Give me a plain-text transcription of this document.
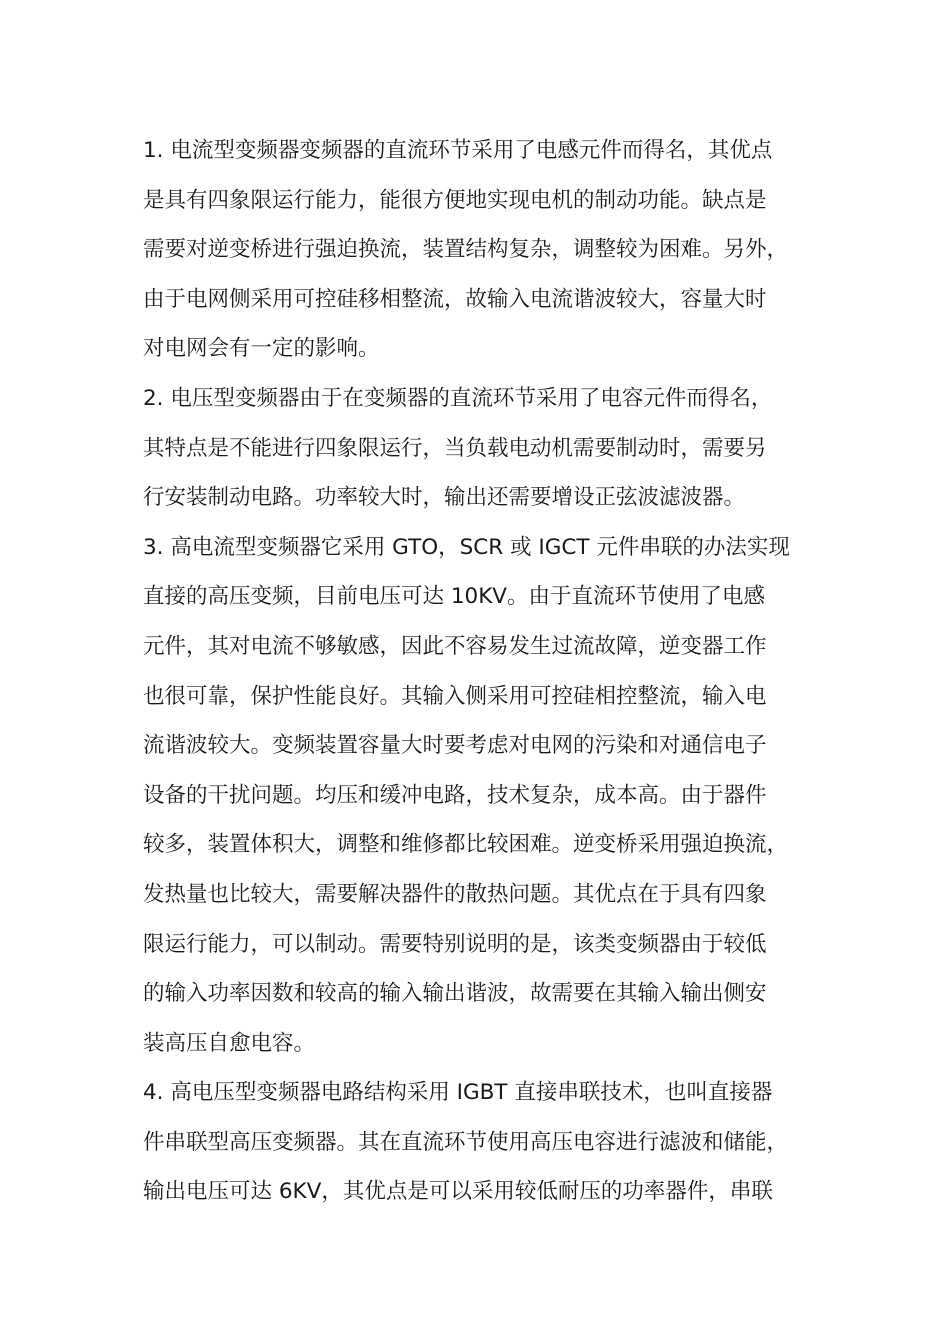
1. 电流型变频器变频器的直流环节采用了电感元件而得名，其优点
是具有四象限运行能力，能很方便地实现电机的制动功能。缺点是
需要对逆变桥进行强迫换流，装置结构复杂，调整较为困难。另外，
由于电网侧采用可控硅移相整流，故输入电流谐波较大，容量大时
对电网会有一定的影响。
2. 电压型变频器由于在变频器的直流环节采用了电容元件而得名，
其特点是不能进行四象限运行，当负载电动机需要制动时，需要另
行安装制动电路。功率较大时，输出还需要增设正弦波滤波器。
3. 高电流型变频器它采用 GTO，SCR 或 IGCT 元件串联的办法实现
直接的高压变频，目前电压可达 10KV。由于直流环节使用了电感
元件，其对电流不够敏感，因此不容易发生过流故障，逆变器工作
也很可靠，保护性能良好。其输入侧采用可控硅相控整流，输入电
流谐波较大。变频装置容量大时要考虑对电网的污染和对通信电子
设备的干扰问题。均压和缓冲电路，技术复杂，成本高。由于器件
较多，装置体积大，调整和维修都比较困难。逆变桥采用强迫换流，
发热量也比较大，需要解决器件的散热问题。其优点在于具有四象
限运行能力，可以制动。需要特别说明的是，该类变频器由于较低
的输入功率因数和较高的输入输出谐波，故需要在其输入输出侧安
装高压自愈电容。
4. 高电压型变频器电路结构采用 IGBT 直接串联技术，也叫直接器
件串联型高压变频器。其在直流环节使用高压电容进行滤波和储能，
输出电压可达 6KV，其优点是可以采用较低耐压的功率器件，串联
